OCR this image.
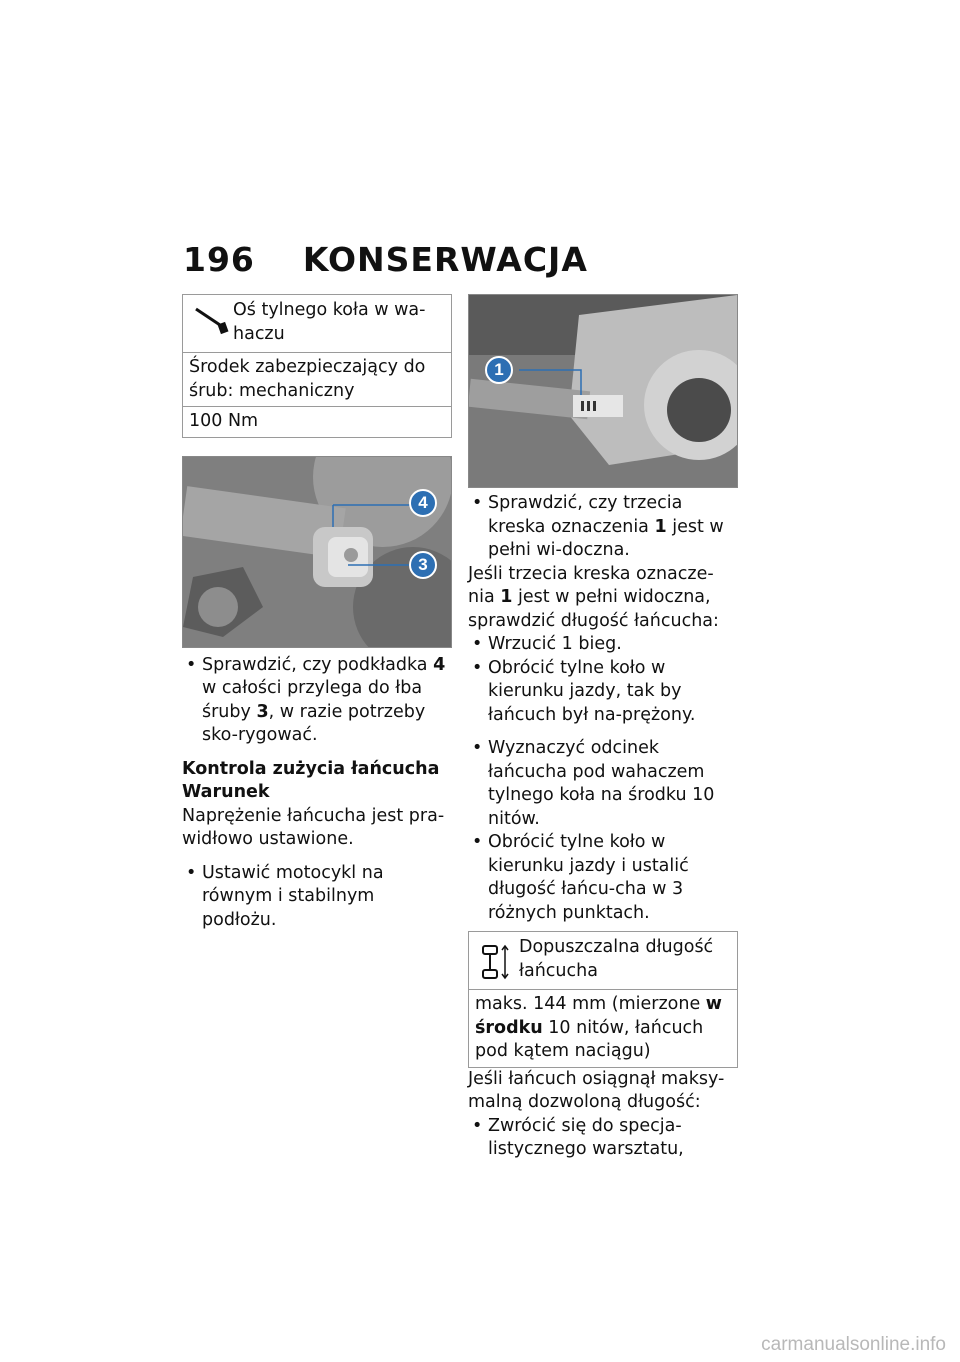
196 KONSERWACJA
Oś tylnego koła w wa-haczu
Środek zabezpieczający do śrub: mechaniczny
100 Nm
4
3
• Sprawdzić, czy podkładka 4 w całości przylega do łba śruby 3, w razie potrzeby sko-rygować.

Kontrola zużycia łańcucha

Warunek

Naprężenie łańcucha jest pra-widłowo ustawione.

• Ustawić motocykl na równym i stabilnym podłożu.
1
• Sprawdzić, czy trzecia kreska oznaczenia 1 jest w pełni wi-doczna.

Jeśli trzecia kreska oznacze-nia 1 jest w pełni widoczna, sprawdzić długość łańcucha:

• Wrzucić 1 bieg.
• Obrócić tylne koło w kierunku jazdy, tak by łańcuch był na-prężony.
• Wyznaczyć odcinek łańcucha pod wahaczem tylnego koła na środku 10 nitów.
• Obrócić tylne koło w kierunku jazdy i ustalić długość łańcu-cha w 3 różnych punktach.
Dopuszczalna długość łańcucha
maks. 144 mm (mierzone w środku 10 nitów, łańcuch pod kątem naciągu)

Jeśli łańcuch osiągnął maksy-malną dozwoloną długość:

• Zwrócić się do specja-listycznego warsztatu,
carmanualsonline.info
